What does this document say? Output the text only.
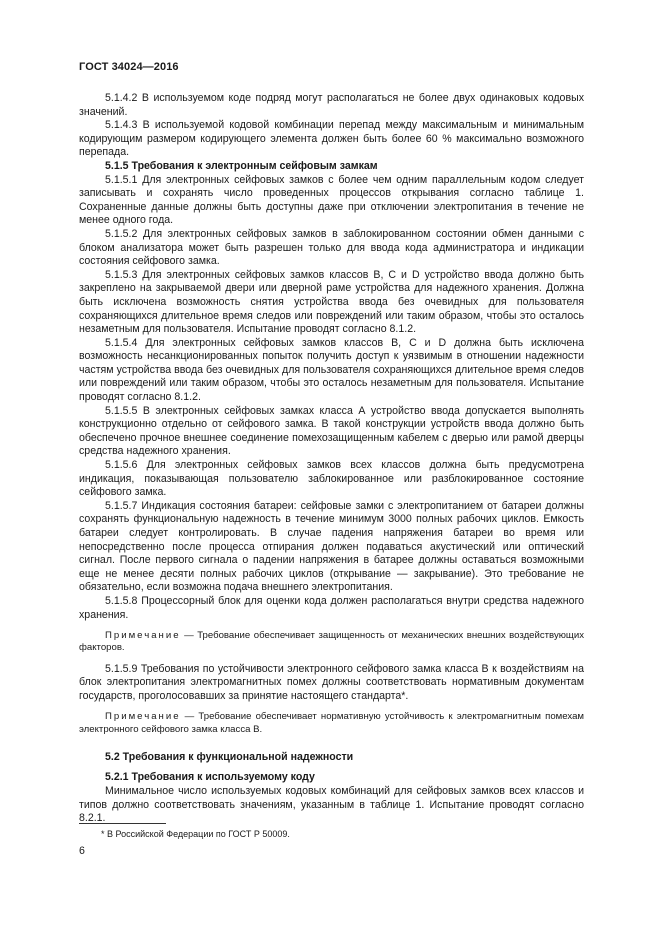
ГОСТ 34024—2016

5.1.4.2 В используемом коде подряд могут располагаться не более двух одинаковых кодовых значений.

5.1.4.3 В используемой кодовой комбинации перепад между максимальным и минимальным кодирующим размером кодирующего элемента должен быть более 60 % максимально возможного перепада.

5.1.5 Требования к электронным сейфовым замкам

5.1.5.1 Для электронных сейфовых замков с более чем одним параллельным кодом следует записывать и сохранять число проведенных процессов открывания согласно таблице 1. Сохраненные данные должны быть доступны даже при отключении электропитания в течение не менее одного года.

5.1.5.2 Для электронных сейфовых замков в заблокированном состоянии обмен данными с блоком анализатора может быть разрешен только для ввода кода администратора и индикации состояния сейфового замка.

5.1.5.3 Для электронных сейфовых замков классов В, С и D устройство ввода должно быть закреплено на закрываемой двери или дверной раме устройства для надежного хранения. Должна быть исключена возможность снятия устройства ввода без очевидных для пользователя сохраняющихся длительное время следов или повреждений или таким образом, чтобы это осталось незаметным для пользователя. Испытание проводят согласно 8.1.2.

5.1.5.4 Для электронных сейфовых замков классов В, С и D должна быть исключена возможность несанкционированных попыток получить доступ к уязвимым в отношении надежности частям устройства ввода без очевидных для пользователя сохраняющихся длительное время следов или повреждений или таким образом, чтобы это осталось незаметным для пользователя. Испытание проводят согласно 8.1.2.

5.1.5.5 В электронных сейфовых замках класса А устройство ввода допускается выполнять конструкционно отдельно от сейфового замка. В такой конструкции устройств ввода должно быть обеспечено прочное внешнее соединение помехозащищенным кабелем с дверью или рамой дверцы средства надежного хранения.

5.1.5.6 Для электронных сейфовых замков всех классов должна быть предусмотрена индикация, показывающая пользователю заблокированное или разблокированное состояние сейфового замка.

5.1.5.7 Индикация состояния батареи: сейфовые замки с электропитанием от батареи должны сохранять функциональную надежность в течение минимум 3000 полных рабочих циклов. Емкость батареи следует контролировать. В случае падения напряжения батареи во время или непосредственно после процесса отпирания должен подаваться акустический или оптический сигнал. После первого сигнала о падении напряжения в батарее должны оставаться возможными еще не менее десяти полных рабочих циклов (открывание — закрывание). Это требование не обязательно, если возможна подача внешнего электропитания.

5.1.5.8 Процессорный блок для оценки кода должен располагаться внутри средства надежного хранения.

Примечание — Требование обеспечивает защищенность от механических внешних воздействующих факторов.

5.1.5.9 Требования по устойчивости электронного сейфового замка класса В к воздействиям на блок электропитания электромагнитных помех должны соответствовать нормативным документам государств, проголосовавших за принятие настоящего стандарта*.

Примечание — Требование обеспечивает нормативную устойчивость к электромагнитным помехам электронного сейфового замка класса В.

5.2 Требования к функциональной надежности
5.2.1 Требования к используемому коду

Минимальное число используемых кодовых комбинаций для сейфовых замков всех классов и типов должно соответствовать значениям, указанным в таблице 1. Испытание проводят согласно 8.2.1.

* В Российской Федерации по ГОСТ Р 50009.
6
